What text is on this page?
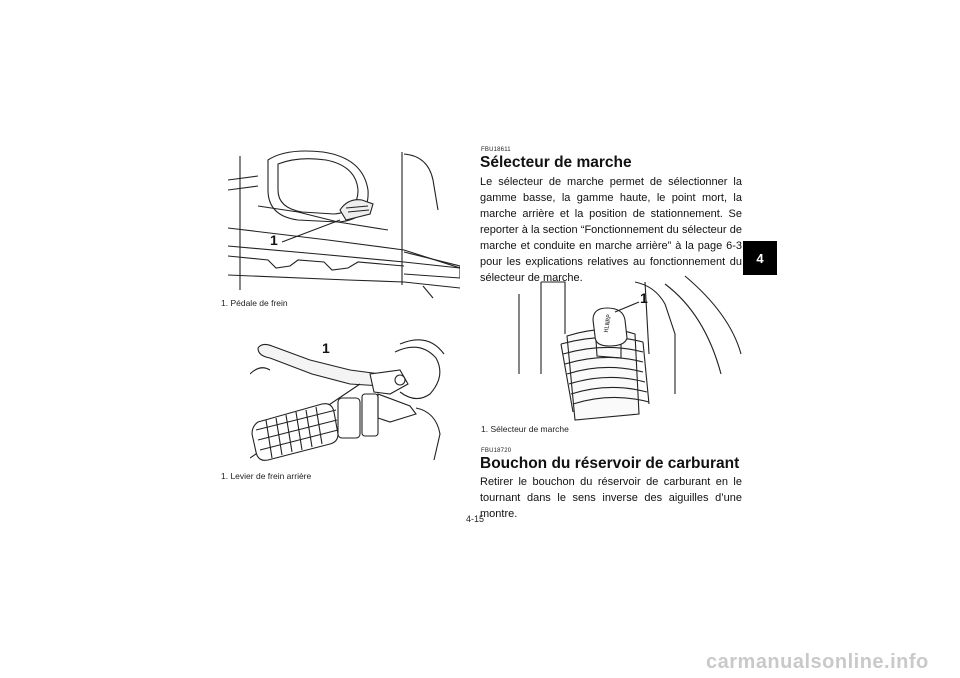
1
1. Pédale de frein
1
1. Levier de frein arrière
FBU18611
Sélecteur de marche
Le sélecteur de marche permet de sélectionner la gamme basse, la gamme haute, le point mort, la marche arrière et la position de stationnement. Se reporter à la section “Fonctionnement du sélecteur de marche et conduite en marche arrière” à la page 6-3 pour les explications relatives au fonctionnement du sélecteur de marche.
HLNRP
1
1. Sélecteur de marche
FBU18720
Bouchon du réservoir de carburant
Retirer le bouchon du réservoir de carburant en le tournant dans le sens inverse des aiguilles d’une montre.
4
4-15
carmanualsonline.info
